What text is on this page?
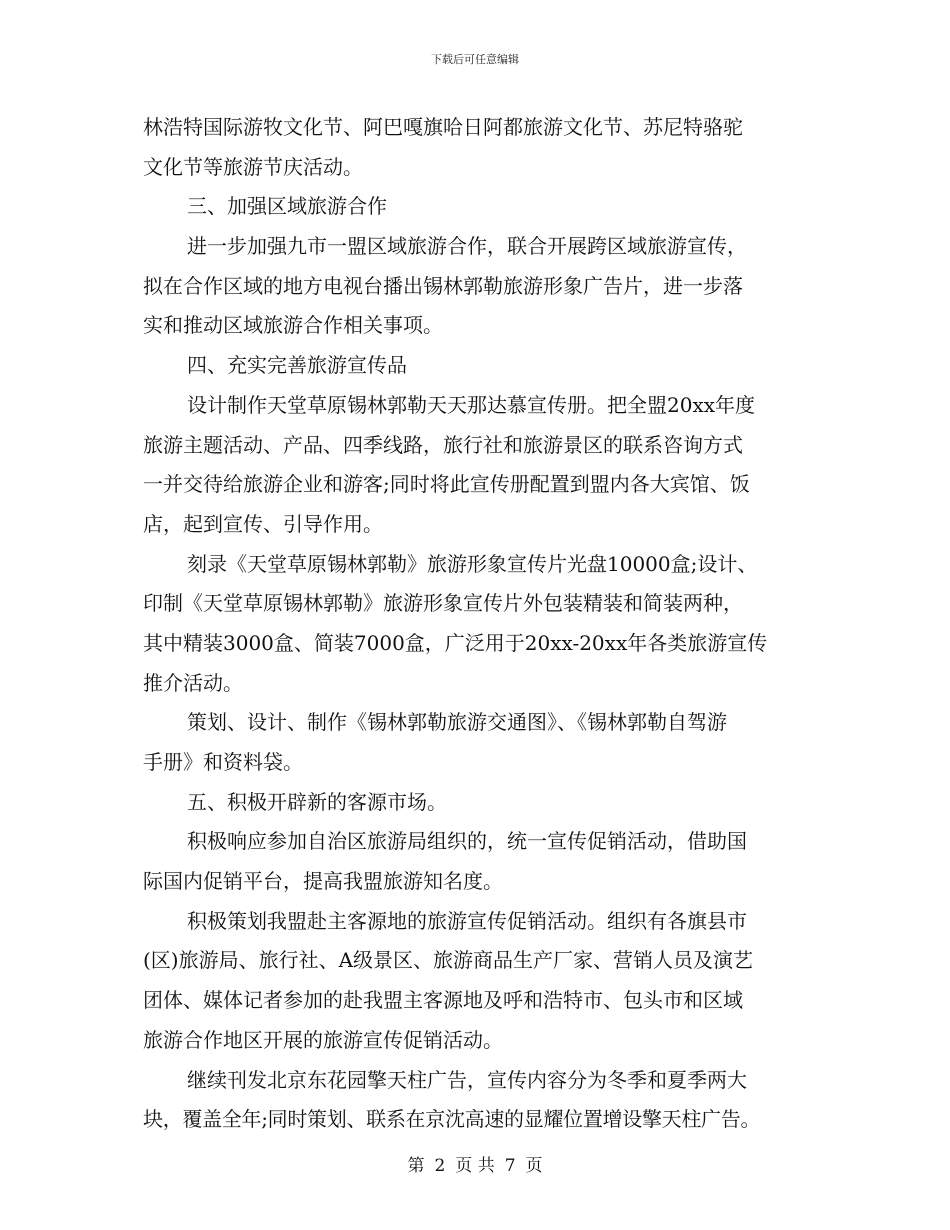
下载后可任意编辑
林浩特国际游牧文化节、阿巴嘎旗哈日阿都旅游文化节、苏尼特骆驼
文化节等旅游节庆活动。
三、加强区域旅游合作
进一步加强九市一盟区域旅游合作，联合开展跨区域旅游宣传，
拟在合作区域的地方电视台播出锡林郭勒旅游形象广告片，进一步落
实和推动区域旅游合作相关事项。
四、充实完善旅游宣传品
设计制作天堂草原锡林郭勒天天那达慕宣传册。把全盟20xx年度
旅游主题活动、产品、四季线路，旅行社和旅游景区的联系咨询方式
一并交待给旅游企业和游客;同时将此宣传册配置到盟内各大宾馆、饭
店，起到宣传、引导作用。
刻录《天堂草原锡林郭勒》旅游形象宣传片光盘10000盒;设计、
印制《天堂草原锡林郭勒》旅游形象宣传片外包装精装和简装两种，
其中精装3000盒、简装7000盒，广泛用于20xx-20xx年各类旅游宣传
推介活动。
策划、设计、制作《锡林郭勒旅游交通图》、《锡林郭勒自驾游
手册》和资料袋。
五、积极开辟新的客源市场。
积极响应参加自治区旅游局组织的，统一宣传促销活动，借助国
际国内促销平台，提高我盟旅游知名度。
积极策划我盟赴主客源地的旅游宣传促销活动。组织有各旗县市
(区)旅游局、旅行社、A级景区、旅游商品生产厂家、营销人员及演艺
团体、媒体记者参加的赴我盟主客源地及呼和浩特市、包头市和区域
旅游合作地区开展的旅游宣传促销活动。
继续刊发北京东花园擎天柱广告，宣传内容分为冬季和夏季两大
块，覆盖全年;同时策划、联系在京沈高速的显耀位置增设擎天柱广告。
第 2 页 共 7 页
